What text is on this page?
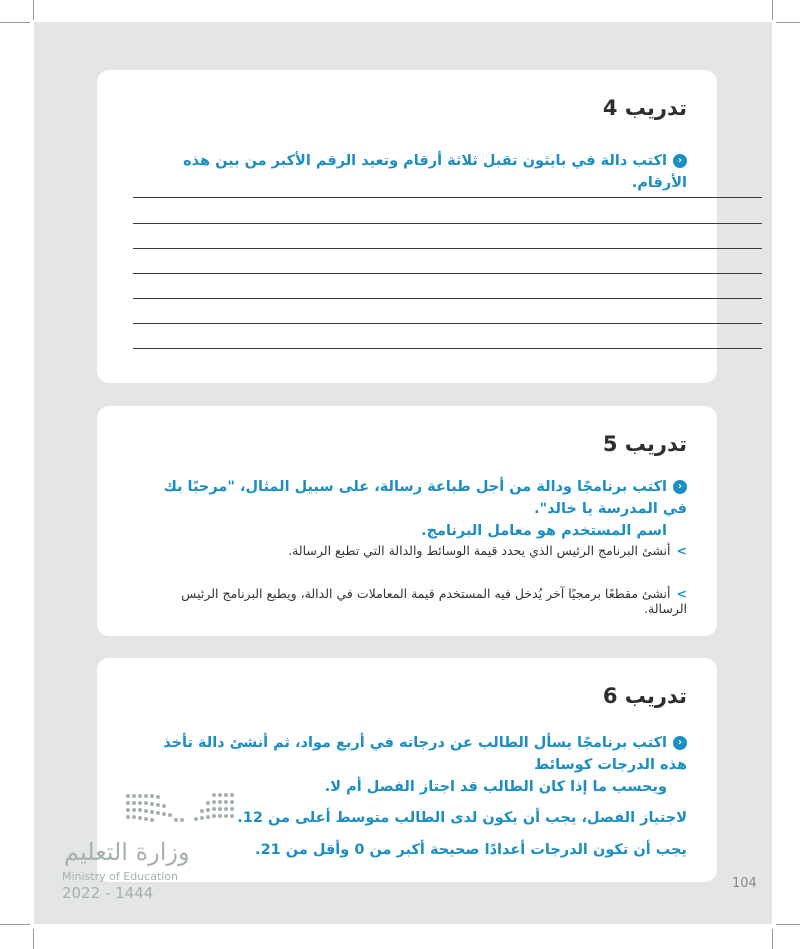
تدريب 4

‹اكتب دالة في بايثون تقبل ثلاثة أرقام وتعيد الرقم الأكبر من بين هذه الأرقام.

تدريب 5

‹اكتب برنامجًا ودالة من أجل طباعة رسالة، على سبيل المثال، "مرحبًا بك في المدرسة يا خالد".
اسم المستخدم هو معامل البرنامج.

>أنشئ البرنامج الرئيس الذي يحدد قيمة الوسائط والدالة التي تطبع الرسالة.

>أنشئ مقطعًا برمجيًا آخر يُدخل فيه المستخدم قيمة المعاملات في الدالة، ويطبع البرنامج الرئيس الرسالة.

تدريب 6

‹اكتب برنامجًا يسأل الطالب عن درجاته في أربع مواد، ثم أنشئ دالة تأخذ هذه الدرجات كوسائط
ويحسب ما إذا كان الطالب قد اجتاز الفصل أم لا.

لاجتياز الفصل، يجب أن يكون لدى الطالب متوسط أعلى من 12.

يجب أن تكون الدرجات أعدادًا صحيحة أكبر من 0 وأقل من 21.

وزارة التعليم
Ministry of Education
2022 - 1444
104
